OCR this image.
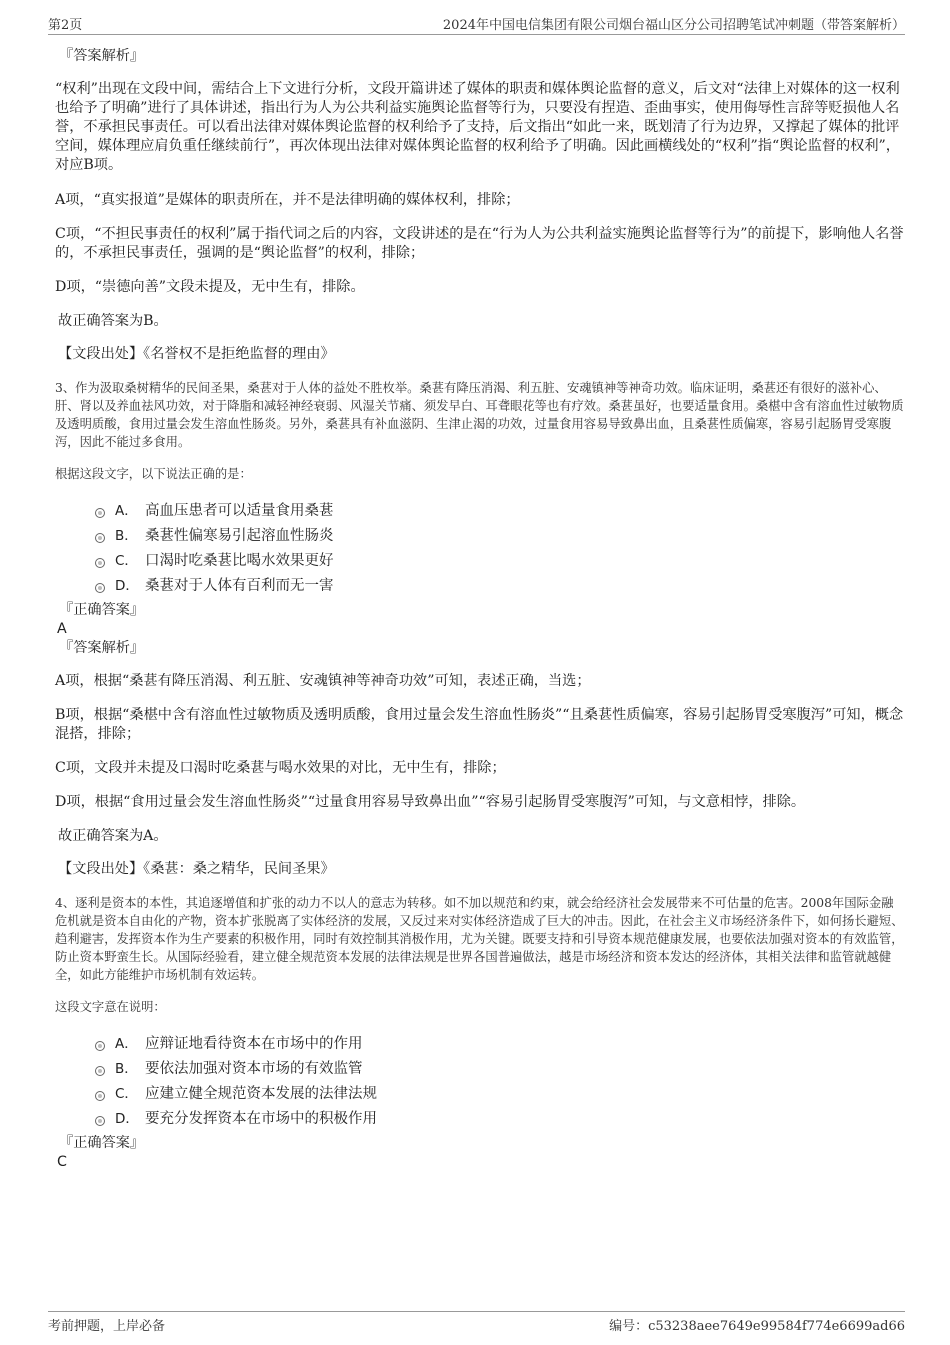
第2页	2024年中国电信集团有限公司烟台福山区分公司招聘笔试冲刺题（带答案解析）

『答案解析』

“权利”出现在文段中间，需结合上下文进行分析，文段开篇讲述了媒体的职责和媒体舆论监督的意义，后文对“法律上对媒体的这一权利也给予了明确”进行了具体讲述，指出行为人为公共利益实施舆论监督等行为，只要没有捏造、歪曲事实，使用侮辱性言辞等贬损他人名誉，不承担民事责任。可以看出法律对媒体舆论监督的权利给予了支持，后文指出“如此一来，既划清了行为边界，又撑起了媒体的批评空间，媒体理应肩负重任继续前行”，再次体现出法律对媒体舆论监督的权利给予了明确。因此画横线处的“权利”指“舆论监督的权利”，对应B项。

A项，“真实报道”是媒体的职责所在，并不是法律明确的媒体权利，排除；

C项，“不担民事责任的权利”属于指代词之后的内容，文段讲述的是在“行为人为公共利益实施舆论监督等行为”的前提下，影响他人名誉的，不承担民事责任，强调的是“舆论监督”的权利，排除；

D项，“崇德向善”文段未提及，无中生有，排除。

故正确答案为B。

【文段出处】《名誉权不是拒绝监督的理由》

3、作为汲取桑树精华的民间圣果，桑葚对于人体的益处不胜枚举。桑葚有降压消渴、利五脏、安魂镇神等神奇功效。临床证明，桑葚还有很好的滋补心、肝、肾以及养血祛风功效，对于降脂和减轻神经衰弱、风湿关节痛、须发早白、耳聋眼花等也有疗效。桑葚虽好，也要适量食用。桑椹中含有溶血性过敏物质及透明质酸，食用过量会发生溶血性肠炎。另外，桑葚具有补血滋阴、生津止渴的功效，过量食用容易导致鼻出血，且桑葚性质偏寒，容易引起肠胃受寒腹泻，因此不能过多食用。

根据这段文字，以下说法正确的是：

A． 高血压患者可以适量食用桑葚
B． 桑葚性偏寒易引起溶血性肠炎
C． 口渴时吃桑葚比喝水效果更好
D． 桑葚对于人体有百利而无一害

『正确答案』

A

『答案解析』

A项，根据“桑葚有降压消渴、利五脏、安魂镇神等神奇功效”可知，表述正确，当选；

B项，根据“桑椹中含有溶血性过敏物质及透明质酸，食用过量会发生溶血性肠炎”“且桑葚性质偏寒，容易引起肠胃受寒腹泻”可知，概念混搭，排除；

C项，文段并未提及口渴时吃桑葚与喝水效果的对比，无中生有，排除；

D项，根据“食用过量会发生溶血性肠炎”“过量食用容易导致鼻出血”“容易引起肠胃受寒腹泻”可知，与文意相悖，排除。

故正确答案为A。

【文段出处】《桑葚：桑之精华，民间圣果》

4、逐利是资本的本性，其追逐增值和扩张的动力不以人的意志为转移。如不加以规范和约束，就会给经济社会发展带来不可估量的危害。2008年国际金融危机就是资本自由化的产物，资本扩张脱离了实体经济的发展，又反过来对实体经济造成了巨大的冲击。因此，在社会主义市场经济条件下，如何扬长避短、趋利避害，发挥资本作为生产要素的积极作用，同时有效控制其消极作用，尤为关键。既要支持和引导资本规范健康发展，也要依法加强对资本的有效监管，防止资本野蛮生长。从国际经验看，建立健全规范资本发展的法律法规是世界各国普遍做法，越是市场经济和资本发达的经济体，其相关法律和监管就越健全，如此方能维护市场机制有效运转。

这段文字意在说明：

A． 应辩证地看待资本在市场中的作用
B． 要依法加强对资本市场的有效监管
C． 应建立健全规范资本发展的法律法规
D． 要充分发挥资本在市场中的积极作用

『正确答案』

C

考前押题，上岸必备	编号：c53238aee7649e99584f774e6699ad66
